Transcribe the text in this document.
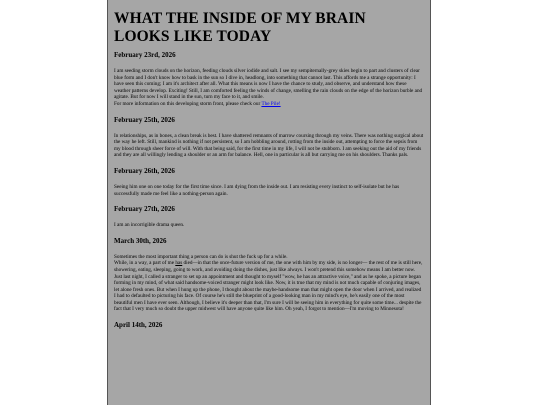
WHAT THE INSIDE OF MY BRAIN LOOKS LIKE TODAY
February 23rd, 2026

I am seeding storm clouds on the horizon, feeding clouds silver iodide and salt. I see my sempiternally-grey skies begin to part and clusters of clear blue form and I don't know how to bask in the sun so I dive in, headlong, into something that cannot last. This affords me a strange opportunity: I have seen this coming; I am it's architect after all. What this means is now I have the chance to study, and observe, and understand how these weather patterns develop. Exciting! Still, I am comforted feeling the winds of change, smelling the rain clouds on the edge of the horizon burble and agitate. But for now I will stand in the sun, turn my face to it, and smile.

For more information on this developing storm front, please check our The Pile!

February 25th, 2026

In relationships, as in bones, a clean break is best. I have shattered remnants of marrow coursing through my veins. There was nothing surgical about the way he left. Still, mankind is nothing if not persistent, so I am hobbling around, rotting from the inside out, attempting to force the sepsis from my blood through sheer force of will. With that being said, for the first time in my life, I will not be stubborn. I am seeking out the aid of my friends and they are all willingly lending a shoulder or an arm for balance. Hell, one in particular is all but carrying me on his shoulders. Thanks pals.

February 26th, 2026

Seeing him one on one today for the first time since. I am dying from the inside out. I am resisting every instinct to self-isolate but he has successfully made me feel like a nothing-person again.

February 27th, 2026

I am an incorrigible drama queen.

March 30th, 2026

Sometimes the most important thing a person can do is shut the fuck up for a while.

While, in a way, a part of me has died—in that the once-future version of me, the one with him by my side, is no longer— the rest of me is still here, showering, eating, sleeping, going to work, and avoiding doing the dishes, just like always. I won't pretend this somehow means I am better now. Just last night, I called a stranger to set up an appointment and thought to myself "wow, he has an attractive voice," and as he spoke, a picture began forming in my mind, of what said handsome-voiced stranger might look like. Now, it is true that my mind is not much capable of conjuring images, let alone fresh ones. But when I hung up the phone, I thought about the maybe-handsome man that might open the door when I arrived, and realized I had to defaulted to picturing his face. Of course he's still the blueprint of a good-looking man in my mind's eye, he's easily one of the most beautiful men I have ever seen. Although, I believe it's deeper than that, I'm sure I will be seeing him in everything for quite some time... despite the fact that I very much so doubt the upper midwest will have anyone quite like him. Oh yeah, I forgot to mention—I'm moving to Minnesota!

April 14th, 2026
